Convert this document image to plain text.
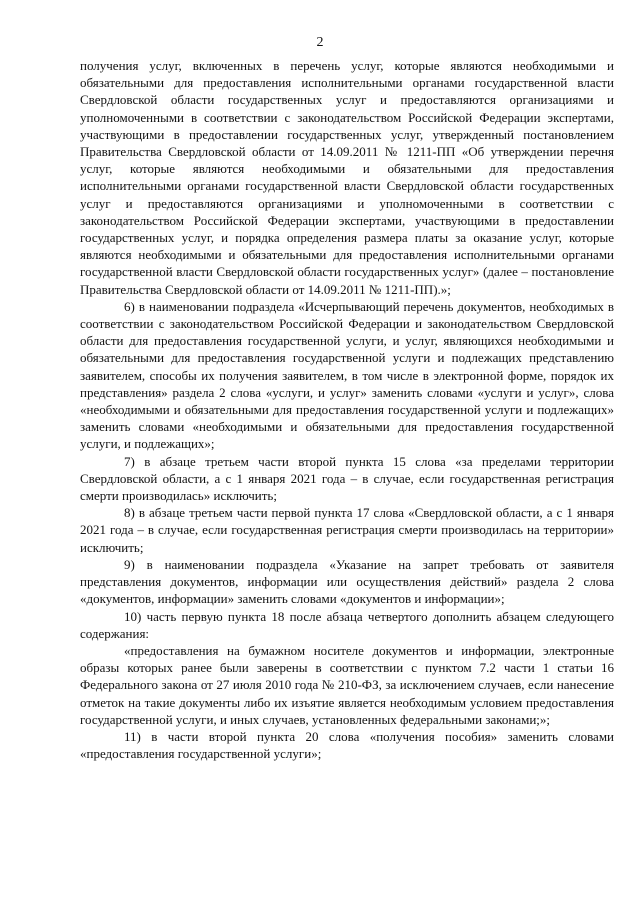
2

получения услуг, включенных в перечень услуг, которые являются необходимыми и обязательными для предоставления исполнительными органами государственной власти Свердловской области государственных услуг и предоставляются организациями и уполномоченными в соответствии с законодательством Российской Федерации экспертами, участвующими в предоставлении государственных услуг, утвержденный постановлением Правительства Свердловской области от 14.09.2011 № 1211-ПП «Об утверждении перечня услуг, которые являются необходимыми и обязательными для предоставления исполнительными органами государственной власти Свердловской области государственных услуг и предоставляются организациями и уполномоченными в соответствии с законодательством Российской Федерации экспертами, участвующими в предоставлении государственных услуг, и порядка определения размера платы за оказание услуг, которые являются необходимыми и обязательными для предоставления исполнительными органами государственной власти Свердловской области государственных услуг» (далее – постановление Правительства Свердловской области от 14.09.2011 № 1211-ПП).»;

6) в наименовании подраздела «Исчерпывающий перечень документов, необходимых в соответствии с законодательством Российской Федерации и законодательством Свердловской области для предоставления государственной услуги, и услуг, являющихся необходимыми и обязательными для предоставления государственной услуги и подлежащих представлению заявителем, способы их получения заявителем, в том числе в электронной форме, порядок их представления» раздела 2 слова «услуги, и услуг» заменить словами «услуги и услуг», слова «необходимыми и обязательными для предоставления государственной услуги и подлежащих» заменить словами «необходимыми и обязательными для предоставления государственной услуги, и подлежащих»;

7) в абзаце третьем части второй пункта 15 слова «за пределами территории Свердловской области, а с 1 января 2021 года – в случае, если государственная регистрация смерти производилась» исключить;

8) в абзаце третьем части первой пункта 17 слова «Свердловской области, а с 1 января 2021 года – в случае, если государственная регистрация смерти производилась на территории» исключить;

9) в наименовании подраздела «Указание на запрет требовать от заявителя представления документов, информации или осуществления действий» раздела 2 слова «документов, информации» заменить словами «документов и информации»;

10) часть первую пункта 18 после абзаца четвертого дополнить абзацем следующего содержания:

«предоставления на бумажном носителе документов и информации, электронные образы которых ранее были заверены в соответствии с пунктом 7.2 части 1 статьи 16 Федерального закона от 27 июля 2010 года № 210-ФЗ, за исключением случаев, если нанесение отметок на такие документы либо их изъятие является необходимым условием предоставления государственной услуги, и иных случаев, установленных федеральными законами;»;

11) в части второй пункта 20 слова «получения пособия» заменить словами «предоставления государственной услуги»;
